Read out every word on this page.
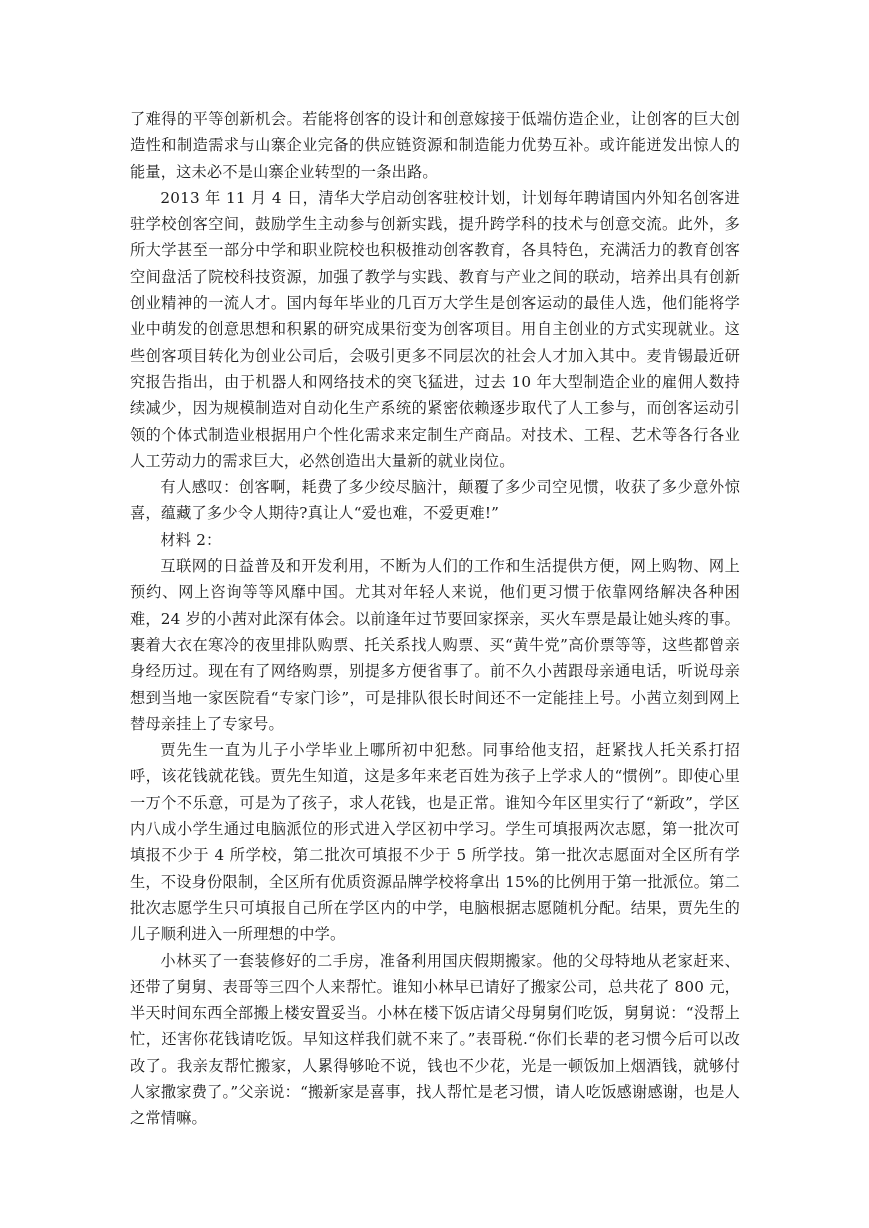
了难得的平等创新机会。若能将创客的设计和创意嫁接于低端仿造企业，让创客的巨大创造性和制造需求与山寨企业完备的供应链资源和制造能力优势互补。或许能迸发出惊人的能量，这未必不是山寨企业转型的一条出路。

2013 年 11 月 4 日，清华大学启动创客驻校计划，计划每年聘请国内外知名创客进驻学校创客空间，鼓励学生主动参与创新实践，提升跨学科的技术与创意交流。此外，多所大学甚至一部分中学和职业院校也积极推动创客教育，各具特色，充满活力的教育创客空间盘活了院校科技资源，加强了教学与实践、教育与产业之间的联动，培养出具有创新创业精神的一流人才。国内每年毕业的几百万大学生是创客运动的最佳人选，他们能将学业中萌发的创意思想和积累的研究成果衍变为创客项目。用自主创业的方式实现就业。这些创客项目转化为创业公司后，会吸引更多不同层次的社会人才加入其中。麦肯锡最近研究报告指出，由于机器人和网络技术的突飞猛进，过去 10 年大型制造企业的雇佣人数持续减少，因为规模制造对自动化生产系统的紧密依赖逐步取代了人工参与，而创客运动引领的个体式制造业根据用户个性化需求来定制生产商品。对技术、工程、艺术等各行各业人工劳动力的需求巨大，必然创造出大量新的就业岗位。

有人感叹：创客啊，耗费了多少绞尽脑汁，颠覆了多少司空见惯，收获了多少意外惊喜，蕴藏了多少令人期待?真让人“爱也难，不爱更难!”

材料 2：

互联网的日益普及和开发利用，不断为人们的工作和生活提供方便，网上购物、网上预约、网上咨询等等风靡中国。尤其对年轻人来说，他们更习惯于依靠网络解决各种困难，24 岁的小茜对此深有体会。以前逢年过节要回家探亲，买火车票是最让她头疼的事。裹着大衣在寒冷的夜里排队购票、托关系找人购票、买“黄牛党”高价票等等，这些都曾亲身经历过。现在有了网络购票，别提多方便省事了。前不久小茜跟母亲通电话，听说母亲想到当地一家医院看“专家门诊”，可是排队很长时间还不一定能挂上号。小茜立刻到网上替母亲挂上了专家号。

贾先生一直为儿子小学毕业上哪所初中犯愁。同事给他支招，赶紧找人托关系打招呼，该花钱就花钱。贾先生知道，这是多年来老百姓为孩子上学求人的“惯例”。即使心里一万个不乐意，可是为了孩子，求人花钱，也是正常。谁知今年区里实行了“新政”，学区内八成小学生通过电脑派位的形式进入学区初中学习。学生可填报两次志愿，第一批次可填报不少于 4 所学校，第二批次可填报不少于 5 所学技。第一批次志愿面对全区所有学生，不设身份限制，全区所有优质资源品牌学校将拿出 15%的比例用于第一批派位。第二批次志愿学生只可填报自己所在学区内的中学，电脑根据志愿随机分配。结果，贾先生的儿子顺利进入一所理想的中学。

小林买了一套装修好的二手房，准备利用国庆假期搬家。他的父母特地从老家赶来、还带了舅舅、表哥等三四个人来帮忙。谁知小林早已请好了搬家公司，总共花了 800 元，半天时间东西全部搬上楼安置妥当。小林在楼下饭店请父母舅舅们吃饭，舅舅说：“没帮上忙，还害你花钱请吃饭。早知这样我们就不来了。”表哥税.“你们长辈的老习惯今后可以改改了。我亲友帮忙搬家，人累得够呛不说，钱也不少花，光是一顿饭加上烟酒钱，就够付人家撒家费了。”父亲说：“搬新家是喜事，找人帮忙是老习惯，请人吃饭感谢感谢，也是人之常情嘛。
